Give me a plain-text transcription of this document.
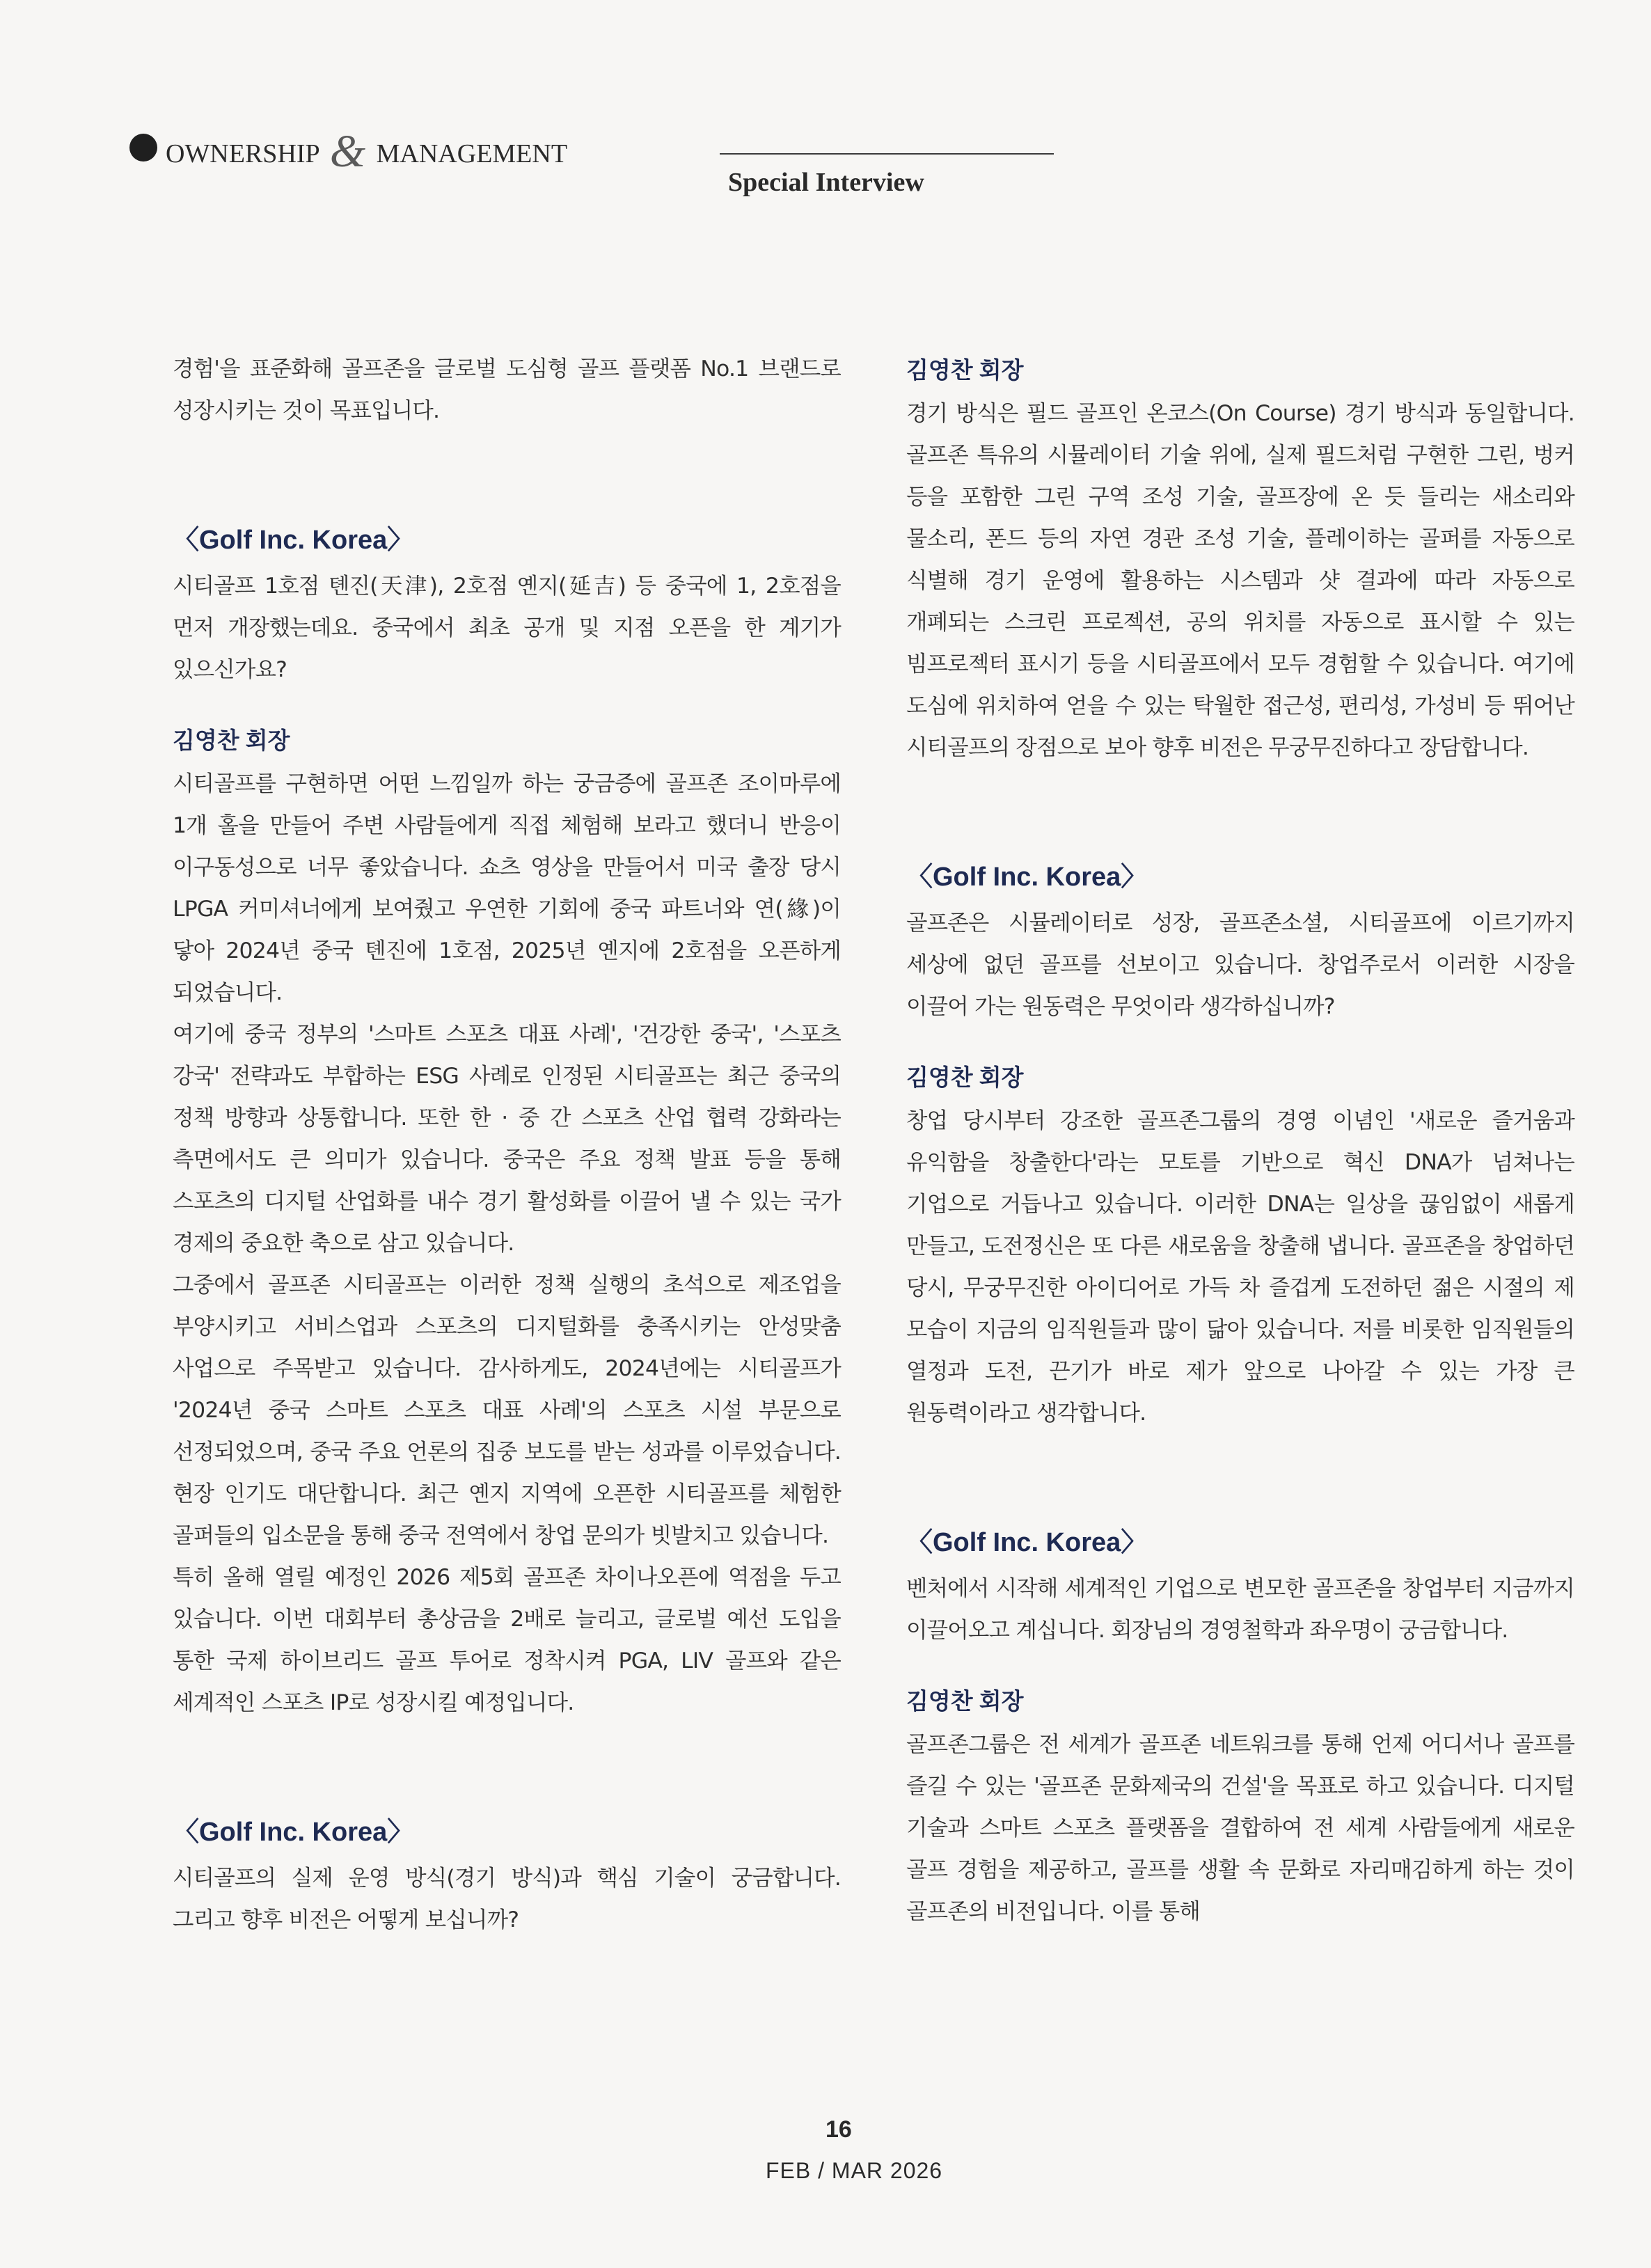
OWNERSHIP & MANAGEMENT
Special Interview

경험'을 표준화해 골프존을 글로벌 도심형 골프 플랫폼 No.1 브랜드로 성장시키는 것이 목표입니다.

〈Golf Inc. Korea〉

시티골프 1호점 톈진(天津), 2호점 옌지(延吉) 등 중국에 1, 2호점을 먼저 개장했는데요. 중국에서 최초 공개 및 지점 오픈을 한 계기가 있으신가요?

김영찬 회장

시티골프를 구현하면 어떤 느낌일까 하는 궁금증에 골프존 조이마루에 1개 홀을 만들어 주변 사람들에게 직접 체험해 보라고 했더니 반응이 이구동성으로 너무 좋았습니다. 쇼츠 영상을 만들어서 미국 출장 당시 LPGA 커미셔너에게 보여줬고 우연한 기회에 중국 파트너와 연(緣)이 닿아 2024년 중국 톈진에 1호점, 2025년 옌지에 2호점을 오픈하게 되었습니다.

여기에 중국 정부의 '스마트 스포츠 대표 사례', '건강한 중국', '스포츠 강국' 전략과도 부합하는 ESG 사례로 인정된 시티골프는 최근 중국의 정책 방향과 상통합니다. 또한 한 · 중 간 스포츠 산업 협력 강화라는 측면에서도 큰 의미가 있습니다. 중국은 주요 정책 발표 등을 통해 스포츠의 디지털 산업화를 내수 경기 활성화를 이끌어 낼 수 있는 국가 경제의 중요한 축으로 삼고 있습니다.

그중에서 골프존 시티골프는 이러한 정책 실행의 초석으로 제조업을 부양시키고 서비스업과 스포츠의 디지털화를 충족시키는 안성맞춤 사업으로 주목받고 있습니다. 감사하게도, 2024년에는 시티골프가 '2024년 중국 스마트 스포츠 대표 사례'의 스포츠 시설 부문으로 선정되었으며, 중국 주요 언론의 집중 보도를 받는 성과를 이루었습니다. 현장 인기도 대단합니다. 최근 옌지 지역에 오픈한 시티골프를 체험한 골퍼들의 입소문을 통해 중국 전역에서 창업 문의가 빗발치고 있습니다.

특히 올해 열릴 예정인 2026 제5회 골프존 차이나오픈에 역점을 두고 있습니다. 이번 대회부터 총상금을 2배로 늘리고, 글로벌 예선 도입을 통한 국제 하이브리드 골프 투어로 정착시켜 PGA, LIV 골프와 같은 세계적인 스포츠 IP로 성장시킬 예정입니다.

〈Golf Inc. Korea〉

시티골프의 실제 운영 방식(경기 방식)과 핵심 기술이 궁금합니다. 그리고 향후 비전은 어떻게 보십니까?

김영찬 회장

경기 방식은 필드 골프인 온코스(On Course) 경기 방식과 동일합니다. 골프존 특유의 시뮬레이터 기술 위에, 실제 필드처럼 구현한 그린, 벙커 등을 포함한 그린 구역 조성 기술, 골프장에 온 듯 들리는 새소리와 물소리, 폰드 등의 자연 경관 조성 기술, 플레이하는 골퍼를 자동으로 식별해 경기 운영에 활용하는 시스템과 샷 결과에 따라 자동으로 개폐되는 스크린 프로젝션, 공의 위치를 자동으로 표시할 수 있는 빔프로젝터 표시기 등을 시티골프에서 모두 경험할 수 있습니다. 여기에 도심에 위치하여 얻을 수 있는 탁월한 접근성, 편리성, 가성비 등 뛰어난 시티골프의 장점으로 보아 향후 비전은 무궁무진하다고 장담합니다.

〈Golf Inc. Korea〉

골프존은 시뮬레이터로 성장, 골프존소셜, 시티골프에 이르기까지 세상에 없던 골프를 선보이고 있습니다. 창업주로서 이러한 시장을 이끌어 가는 원동력은 무엇이라 생각하십니까?

김영찬 회장

창업 당시부터 강조한 골프존그룹의 경영 이념인 '새로운 즐거움과 유익함을 창출한다'라는 모토를 기반으로 혁신 DNA가 넘쳐나는 기업으로 거듭나고 있습니다. 이러한 DNA는 일상을 끊임없이 새롭게 만들고, 도전정신은 또 다른 새로움을 창출해 냅니다. 골프존을 창업하던 당시, 무궁무진한 아이디어로 가득 차 즐겁게 도전하던 젊은 시절의 제 모습이 지금의 임직원들과 많이 닮아 있습니다. 저를 비롯한 임직원들의 열정과 도전, 끈기가 바로 제가 앞으로 나아갈 수 있는 가장 큰 원동력이라고 생각합니다.

〈Golf Inc. Korea〉

벤처에서 시작해 세계적인 기업으로 변모한 골프존을 창업부터 지금까지 이끌어오고 계십니다. 회장님의 경영철학과 좌우명이 궁금합니다.

김영찬 회장

골프존그룹은 전 세계가 골프존 네트워크를 통해 언제 어디서나 골프를 즐길 수 있는 '골프존 문화제국의 건설'을 목표로 하고 있습니다. 디지털 기술과 스마트 스포츠 플랫폼을 결합하여 전 세계 사람들에게 새로운 골프 경험을 제공하고, 골프를 생활 속 문화로 자리매김하게 하는 것이 골프존의 비전입니다. 이를 통해

16
FEB / MAR 2026
